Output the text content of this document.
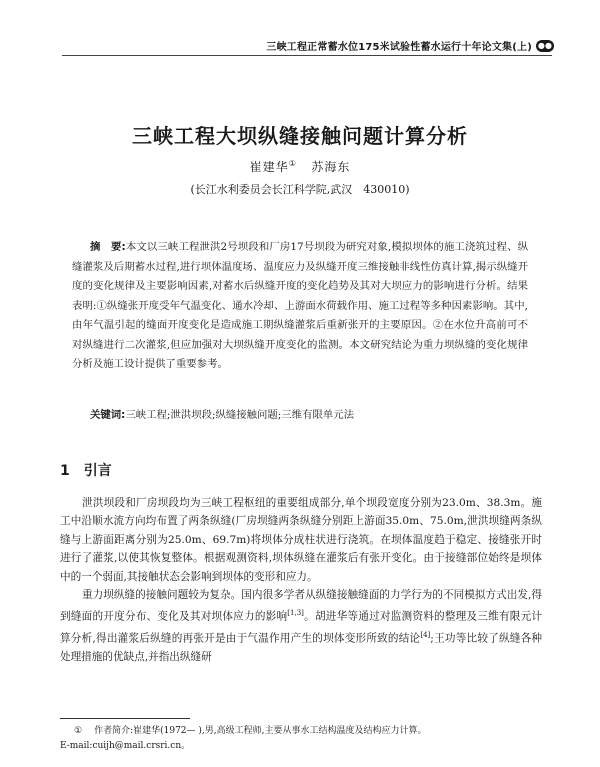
三峡工程正常蓄水位175米试验性蓄水运行十年论文集(上) ●●
三峡工程大坝纵缝接触问题计算分析
崔建华① 苏海东
(长江水利委员会长江科学院,武汉　430010)
摘　要:本文以三峡工程泄洪2号坝段和厂房17号坝段为研究对象,模拟坝体的施工浇筑过程、纵缝灌浆及后期蓄水过程,进行坝体温度场、温度应力及纵缝开度三维接触非线性仿真计算,揭示纵缝开度的变化规律及主要影响因素,对蓄水后纵缝开度的变化趋势及其对大坝应力的影响进行分析。结果表明:①纵缝张开度受年气温变化、通水冷却、上游面水荷载作用、施工过程等多种因素影响。其中,由年气温引起的缝面开度变化是造成施工期纵缝灌浆后重新张开的主要原因。②在水位升高前可不对纵缝进行二次灌浆,但应加强对大坝纵缝开度变化的监测。本文研究结论为重力坝纵缝的变化规律分析及施工设计提供了重要参考。
关键词:三峡工程;泄洪坝段;纵缝接触问题;三维有限单元法
1 引言

泄洪坝段和厂房坝段均为三峡工程枢纽的重要组成部分,单个坝段宽度分别为23.0m、38.3m。施工中沿顺水流方向均布置了两条纵缝(厂房坝缝两条纵缝分别距上游面35.0m、75.0m,泄洪坝缝两条纵缝与上游面距离分别为25.0m、69.7m)将坝体分成柱状进行浇筑。在坝体温度趋于稳定、接缝张开时进行了灌浆,以使其恢复整体。根据观测资料,坝体纵缝在灌浆后有张开变化。由于接缝部位始终是坝体中的一个弱面,其接触状态会影响到坝体的变形和应力。

重力坝纵缝的接触问题较为复杂。国内很多学者从纵缝接触缝面的力学行为的不同模拟方式出发,得到缝面的开度分布、变化及其对坝体应力的影响[1,3]。胡进华等通过对监测资料的整理及三维有限元计算分析,得出灌浆后纵缝的再张开是由于气温作用产生的坝体变形所致的结论[4];王功等比较了纵缝各种处理措施的优缺点,并指出纵缝研

① 作者简介:崔建华(1972— ),男,高级工程师,主要从事水工结构温度及结构应力计算。
E-mail:cuijh@mail.crsri.cn。
